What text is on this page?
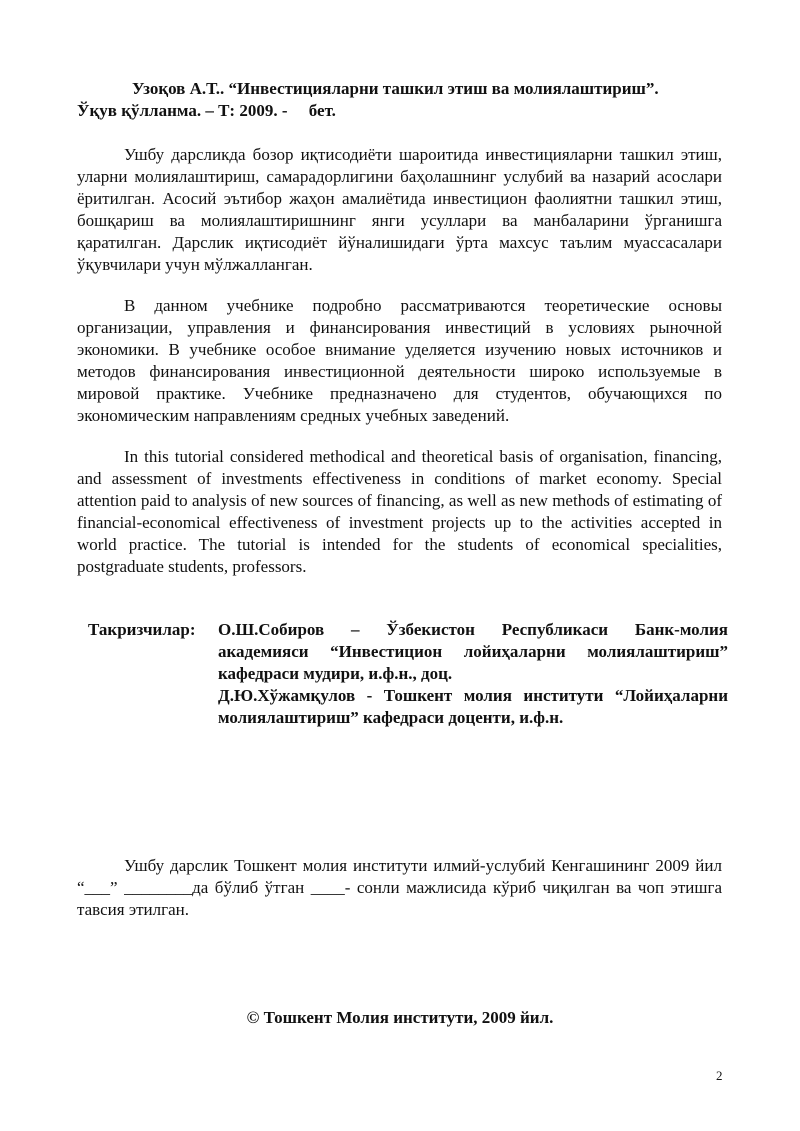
Узоқов А.Т.. “Инвестицияларни ташкил этиш ва молиялаштириш”.
Ўқув қўлланма. – Т: 2009. -     бет.

Ушбу дарсликда бозор иқтисодиёти шароитида инвестицияларни ташкил этиш, уларни молиялаштириш, самарадорлигини баҳолашнинг услубий ва назарий асослари ёритилган. Асосий эътибор жаҳон амалиётида инвестицион фаолиятни ташкил этиш, бошқариш ва молиялаштиришнинг янги усуллари ва манбаларини ўрганишга қаратилган. Дарслик иқтисодиёт йўналишидаги ўрта махсус таълим муассасалари ўқувчилари учун мўлжалланган.

В данном учебнике подробно рассматриваются теоретические основы организации, управления и финансирования инвестиций в условиях рыночной экономики. В учебнике особое внимание уделяется изучению новых источников и методов финансирования инвестиционной деятельности широко используемые в мировой практике. Учебнике предназначено для студентов, обучающихся по экономическим направлениям средных учебных заведений.

In this tutorial considered methodical and theoretical basis of organisation, financing, and assessment of investments effectiveness in conditions of market economy. Special attention paid to analysis of new sources of financing, as well as new methods of estimating of financial-economical effectiveness of investment projects up to the activities accepted in world practice. The tutorial is intended for the students of economical specialities, postgraduate students, professors.

Такризчилар: О.Ш.Собиров – Ўзбекистон Республикаси Банк-молия академияси “Инвестицион лойиҳаларни молиялаштириш” кафедраси мудири, и.ф.н., доц.

Д.Ю.Хўжамқулов - Тошкент молия институти “Лойиҳаларни молиялаштириш” кафедраси доценти, и.ф.н.

Ушбу дарслик Тошкент молия институти илмий-услубий Кенгашининг 2009 йил “___” ________да бўлиб ўтган ____- сонли мажлисида кўриб чиқилган ва чоп этишга тавсия этилган.

© Тошкент Молия институти, 2009 йил.
2
